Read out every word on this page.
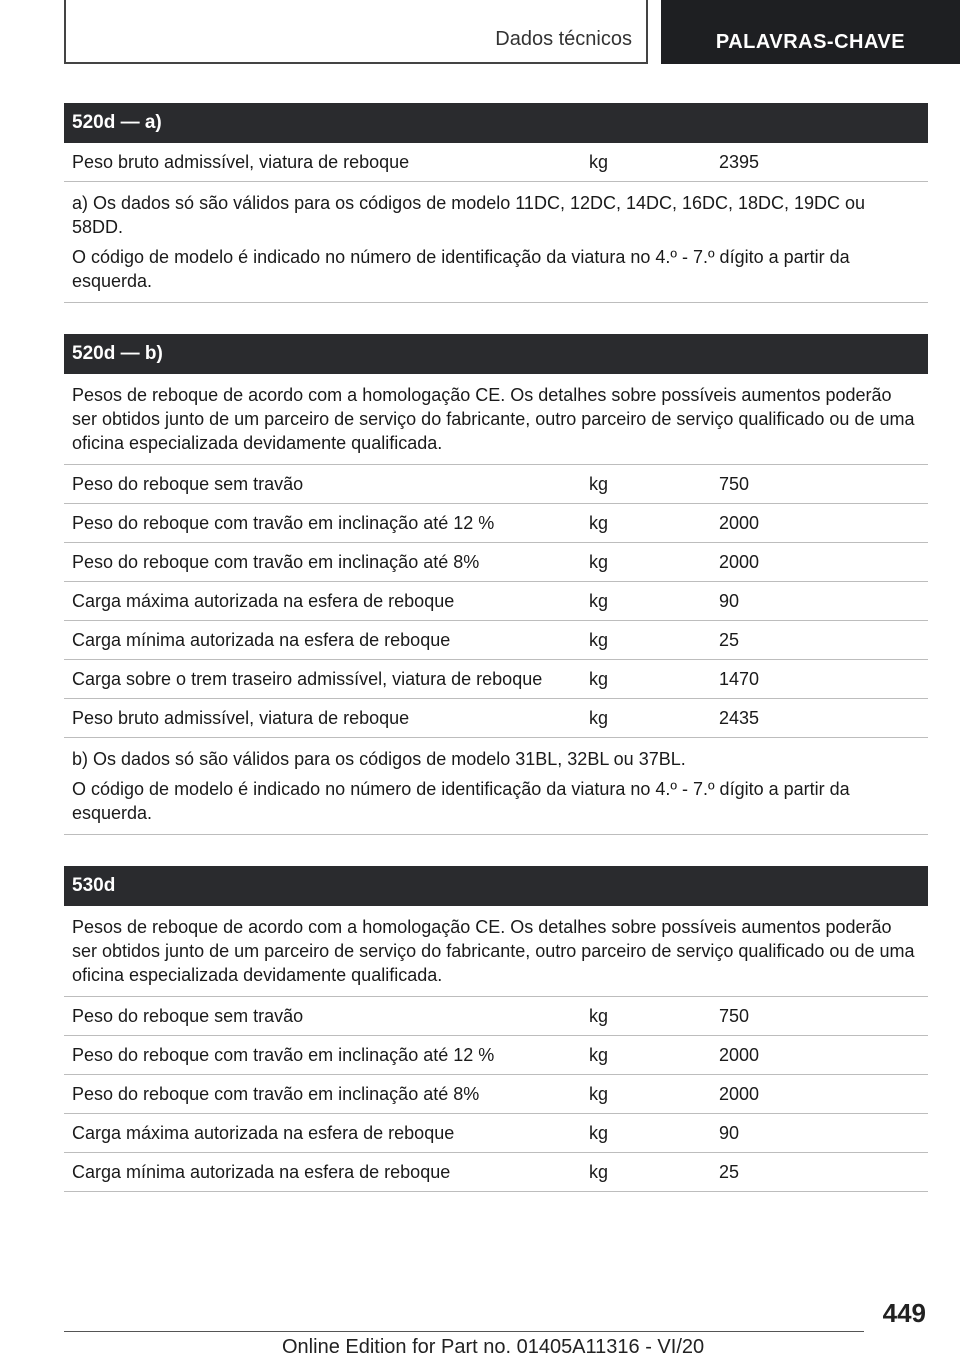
Dados técnicos	PALAVRAS-CHAVE
520d — a)
Peso bruto admissível, viatura de reboque	kg	2395

a) Os dados só são válidos para os códigos de modelo 11DC, 12DC, 14DC, 16DC, 18DC, 19DC ou 58DD.

O código de modelo é indicado no número de identificação da viatura no 4.º - 7.º dígito a partir da esquerda.

520d — b)
Pesos de reboque de acordo com a homologação CE. Os detalhes sobre possíveis aumentos poderão ser obtidos junto de um parceiro de serviço do fabricante, outro parceiro de serviço qualificado ou de uma oficina especializada devidamente qualificada.
Peso do reboque sem travão	kg	750
Peso do reboque com travão em inclinação até 12 %	kg	2000
Peso do reboque com travão em inclinação até 8%	kg	2000
Carga máxima autorizada na esfera de reboque	kg	90
Carga mínima autorizada na esfera de reboque	kg	25
Carga sobre o trem traseiro admissível, viatura de reboque	kg	1470
Peso bruto admissível, viatura de reboque	kg	2435

b) Os dados só são válidos para os códigos de modelo 31BL, 32BL ou 37BL.

O código de modelo é indicado no número de identificação da viatura no 4.º - 7.º dígito a partir da esquerda.

530d
Pesos de reboque de acordo com a homologação CE. Os detalhes sobre possíveis aumentos poderão ser obtidos junto de um parceiro de serviço do fabricante, outro parceiro de serviço qualificado ou de uma oficina especializada devidamente qualificada.
Peso do reboque sem travão	kg	750
Peso do reboque com travão em inclinação até 12 %	kg	2000
Peso do reboque com travão em inclinação até 8%	kg	2000
Carga máxima autorizada na esfera de reboque	kg	90
Carga mínima autorizada na esfera de reboque	kg	25
449
Online Edition for Part no. 01405A11316 - VI/20
